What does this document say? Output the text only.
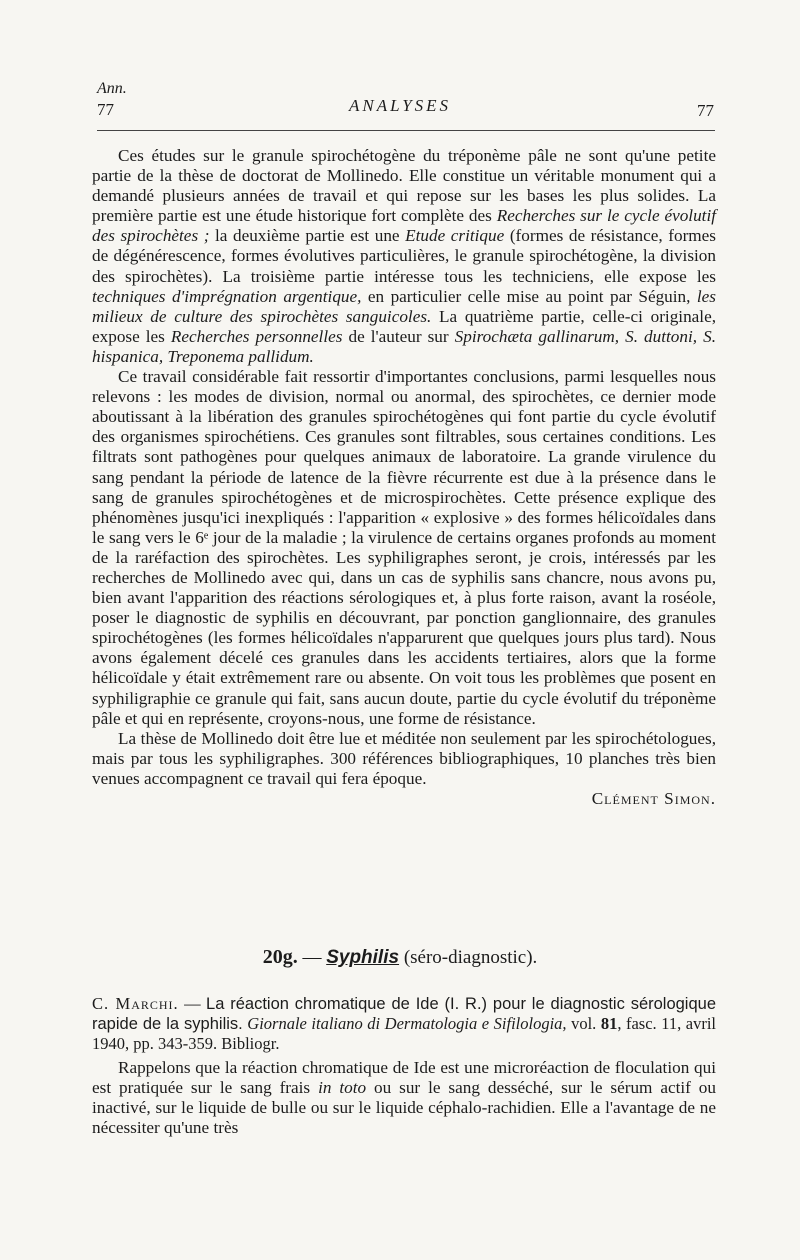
Ann.
77	ANALYSES	77

Ces études sur le granule spirochétogène du tréponème pâle ne sont qu'une petite partie de la thèse de doctorat de Mollinedo. Elle constitue un véritable monument qui a demandé plusieurs années de travail et qui repose sur les bases les plus solides. La première partie est une étude historique fort complète des Recherches sur le cycle évolutif des spirochètes ; la deuxième partie est une Etude critique (formes de résistance, formes de dégénérescence, formes évolutives particulières, le granule spirochétogène, la division des spirochètes). La troisième partie intéresse tous les techniciens, elle expose les techniques d'imprégnation argentique, en particulier celle mise au point par Séguin, les milieux de culture des spirochètes sanguicoles. La quatrième partie, celle-ci originale, expose les Recherches personnelles de l'auteur sur Spirochæta gallinarum, S. duttoni, S. hispanica, Treponema pallidum.

Ce travail considérable fait ressortir d'importantes conclusions, parmi lesquelles nous relevons : les modes de division, normal ou anormal, des spirochètes, ce dernier mode aboutissant à la libération des granules spirochétogènes qui font partie du cycle évolutif des organismes spirochétiens. Ces granules sont filtrables, sous certaines conditions. Les filtrats sont pathogènes pour quelques animaux de laboratoire. La grande virulence du sang pendant la période de latence de la fièvre récurrente est due à la présence dans le sang de granules spirochétogènes et de microspirochètes. Cette présence explique des phénomènes jusqu'ici inexpliqués : l'apparition « explosive » des formes hélicoïdales dans le sang vers le 6ᵉ jour de la maladie ; la virulence de certains organes profonds au moment de la raréfaction des spirochètes. Les syphiligraphes seront, je crois, intéressés par les recherches de Mollinedo avec qui, dans un cas de syphilis sans chancre, nous avons pu, bien avant l'apparition des réactions sérologiques et, à plus forte raison, avant la roséole, poser le diagnostic de syphilis en découvrant, par ponction ganglionnaire, des granules spirochétogènes (les formes hélicoïdales n'apparurent que quelques jours plus tard). Nous avons également décelé ces granules dans les accidents tertiaires, alors que la forme hélicoïdale y était extrêmement rare ou absente. On voit tous les problèmes que posent en syphiligraphie ce granule qui fait, sans aucun doute, partie du cycle évolutif du tréponème pâle et qui en représente, croyons-nous, une forme de résistance.

La thèse de Mollinedo doit être lue et méditée non seulement par les spirochétologues, mais par tous les syphiligraphes. 300 références bibliographiques, 10 planches très bien venues accompagnent ce travail qui fera époque.

Clément Simon.
20g. — Syphilis (séro-diagnostic).
C. Marchi. — La réaction chromatique de Ide (I. R.) pour le diagnostic sérologique rapide de la syphilis. Giornale italiano di Dermatologia e Sifilologia, vol. 81, fasc. 11, avril 1940, pp. 343-359. Bibliogr.

Rappelons que la réaction chromatique de Ide est une microréaction de floculation qui est pratiquée sur le sang frais in toto ou sur le sang desséché, sur le sérum actif ou inactivé, sur le liquide de bulle ou sur le liquide céphalo-rachidien. Elle a l'avantage de ne nécessiter qu'une très
